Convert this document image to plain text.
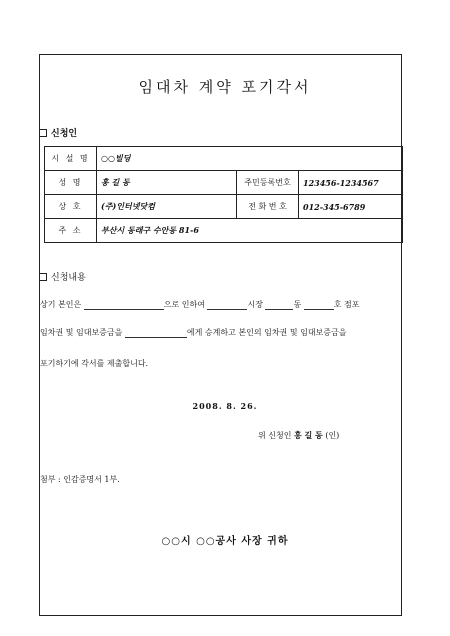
임대차 계약 포기각서
신청인
시 설 명	○○빌딩		
성 명	홍 길 동	주민등록번호	123456-1234567
상 호	(주)인터넷닷컴	전 화 번 호	012-345-6789
주 소	부산시 동래구 수안동 81-6		
신청내용
상기 본인은	으로 인하여	시장	동	호 점포
임차권 및 임대보증금을	에게 승계하고 본인의 임차권 및 임대보증금을
포기하기에 각서를 제출합니다.
2008. 8. 26.
위 신청인 홍 길 동 (인)
첨부 : 인감증명서 1부.
○○시 ○○공사 사장 귀하
